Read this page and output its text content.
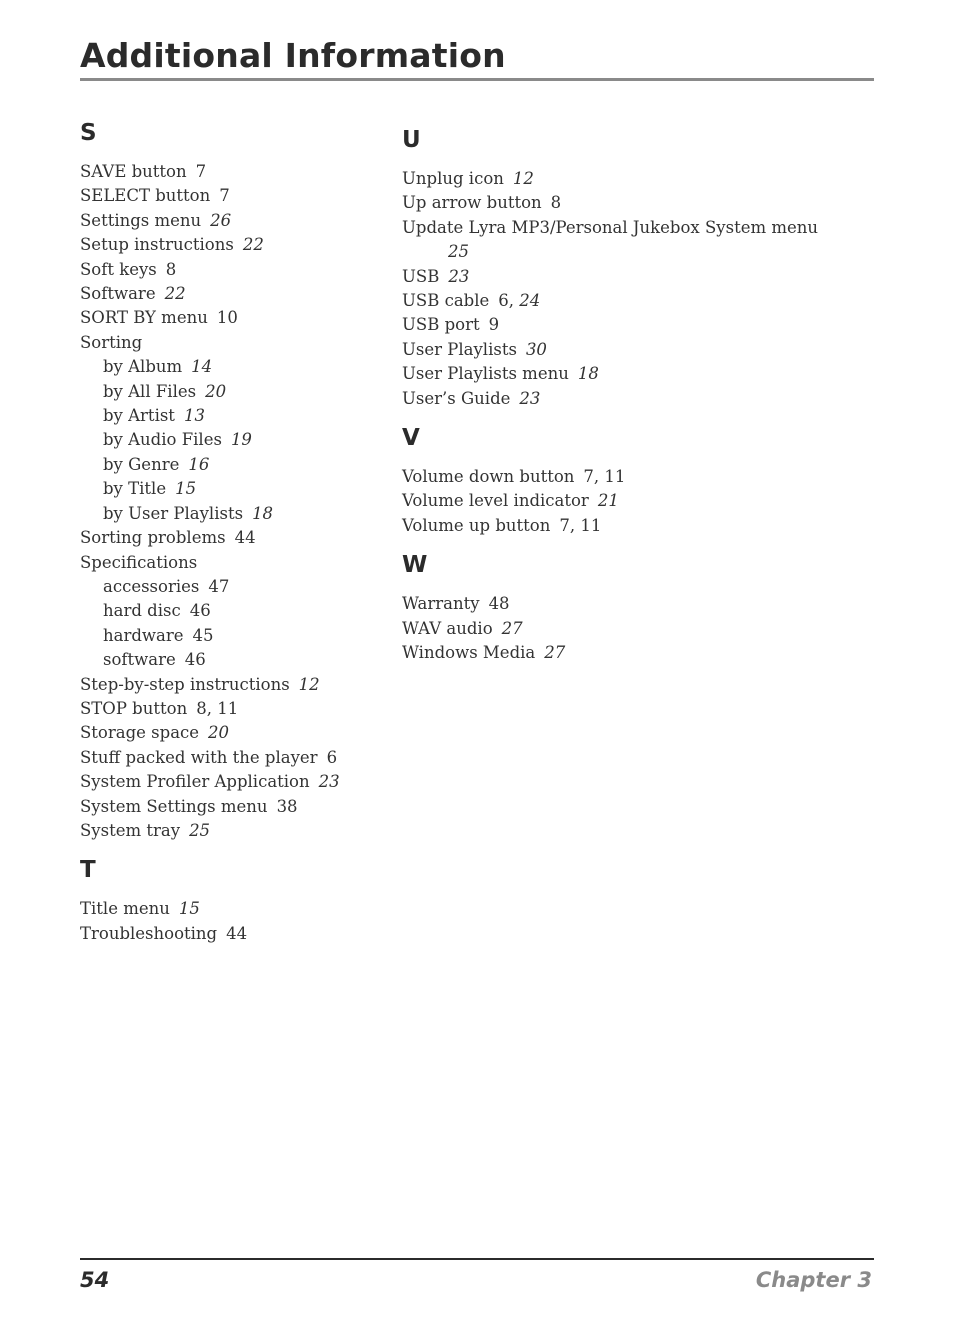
Additional Information
S
SAVE button 7
SELECT button 7
Settings menu 26
Setup instructions 22
Soft keys 8
Software 22
SORT BY menu 10
Sorting
by Album 14
by All Files 20
by Artist 13
by Audio Files 19
by Genre 16
by Title 15
by User Playlists 18
Sorting problems 44
Specifications
accessories 47
hard disc 46
hardware 45
software 46
Step-by-step instructions 12
STOP button 8, 11
Storage space 20
Stuff packed with the player 6
System Profiler Application 23
System Settings menu 38
System tray 25
T
Title menu 15
Troubleshooting 44
U
Unplug icon 12
Up arrow button 8
Update Lyra MP3/Personal Jukebox System menu
25
USB 23
USB cable 6, 24
USB port 9
User Playlists 30
User Playlists menu 18
User’s Guide 23
V
Volume down button 7, 11
Volume level indicator 21
Volume up button 7, 11
W
Warranty 48
WAV audio 27
Windows Media 27
54	Chapter 3
